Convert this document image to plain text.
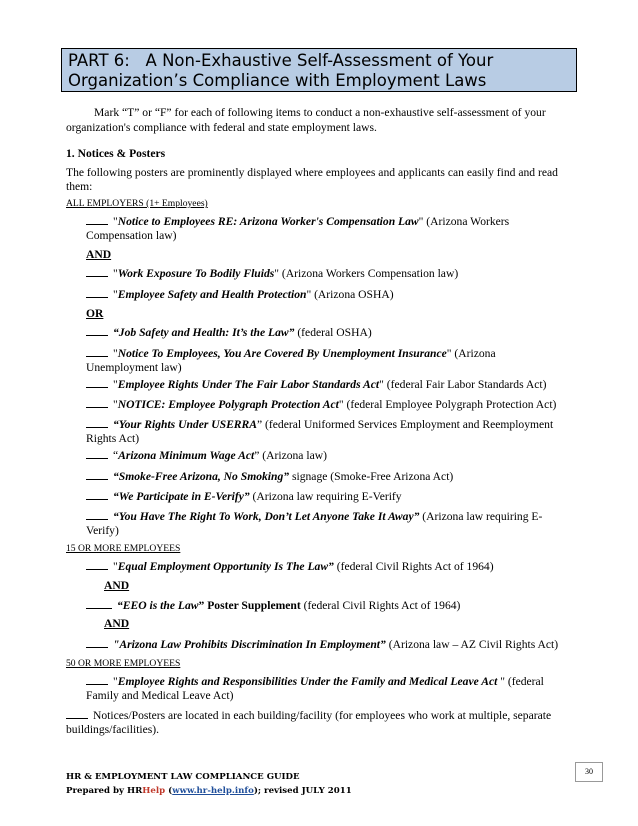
PART 6:   A Non-Exhaustive Self-Assessment of Your
Organization’s Compliance with Employment Laws
Mark “T” or “F” for each of following items to conduct a non-exhaustive self-assessment of your
organization's compliance with federal and state employment laws.
1. Notices & Posters
The following posters are prominently displayed where employees and applicants can easily find and read
them:
ALL EMPLOYERS (1+ Employees)
"Notice to Employees RE: Arizona Worker's Compensation Law" (Arizona Workers
Compensation law)
AND
"Work Exposure To Bodily Fluids" (Arizona Workers Compensation law)
"Employee Safety and Health Protection" (Arizona OSHA)
OR
“Job Safety and Health: It’s the Law” (federal OSHA)
"Notice To Employees, You Are Covered By Unemployment Insurance" (Arizona
Unemployment law)
"Employee Rights Under The Fair Labor Standards Act" (federal Fair Labor Standards Act)
"NOTICE: Employee Polygraph Protection Act" (federal Employee Polygraph Protection Act)
“Your Rights Under USERRA” (federal Uniformed Services Employment and Reemployment
Rights Act)
“Arizona Minimum Wage Act” (Arizona law)
“Smoke-Free Arizona, No Smoking” signage (Smoke-Free Arizona Act)
“We Participate in E-Verify” (Arizona law requiring E-Verify
“You Have The Right To Work, Don’t Let Anyone Take It Away” (Arizona law requiring E-
Verify)
15 OR MORE EMPLOYEES
"Equal Employment Opportunity Is The Law” (federal Civil Rights Act of 1964)
AND
“EEO is the Law” Poster Supplement (federal Civil Rights Act of 1964)
AND
"Arizona Law Prohibits Discrimination In Employment” (Arizona law – AZ Civil Rights Act)
50 OR MORE EMPLOYEES
"Employee Rights and Responsibilities Under the Family and Medical Leave Act " (federal
Family and Medical Leave Act)
Notices/Posters are located in each building/facility (for employees who work at multiple, separate
buildings/facilities).
30
HR & EMPLOYMENT LAW COMPLIANCE GUIDE
Prepared by HRHelp (www.hr-help.info); revised JULY 2011
